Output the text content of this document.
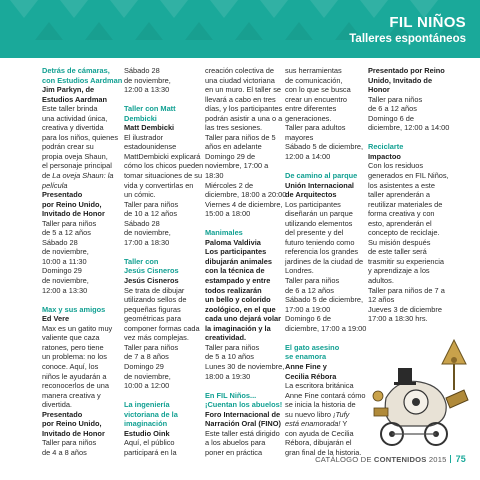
FIL NIÑOS
Talleres espontáneos

Detrás de cámaras,

con Estudios Aardman

Jim Parkyn, de

Estudios Aardman

Este taller brinda

una actividad única,

creativa y divertida

para los niños, quienes

podrán crear su

propia oveja Shaun,

el personaje principal

de La oveja Shaun: la

película

Presentado

por Reino Unido,

Invitado de Honor

Taller para niños

de 5 a 12 años

Sábado 28

de noviembre,

10:00 a 11:30

Domingo 29

de noviembre,

12:00 a 13:30

Max y sus amigos

Ed Vere

Max es un gatito muy

valiente que caza

ratones, pero tiene

un problema: no los

conoce. Aquí, los

niños le ayudarán a

reconocerlos de una

manera creativa y

divertida.

Presentado

por Reino Unido,

Invitado de Honor

Taller para niños

de 4 a 8 años

Sábado 28

de noviembre,

12:00 a 13:30

Taller con Matt

Dembicki

Matt Dembicki

El ilustrador

estadounidense

MattDembicki explicará

cómo los chicos pueden

tomar situaciones de su

vida y convertirlas en

un cómic.

Taller para niños

de 10 a 12 años

Sábado 28

de noviembre,

17:00 a 18:30

Taller con

Jesús Cisneros

Jesús Cisneros

Se trata de dibujar

utilizando sellos de

pequeñas figuras

geométricas para

componer formas cada

vez más complejas.

Taller para niños

de 7 a 8 años

Domingo 29

de noviembre,

10:00 a 12:00

La ingeniería

victoriana de la

imaginación

Estudio Oink

Aquí, el público

participará en la

creación colectiva de

una ciudad victoriana

en un muro. El taller se

llevará a cabo en tres

días, y los participantes

podrán asistir a una o a

las tres sesiones.

Taller para niños de 5

años en adelante

Domingo 29 de

noviembre, 17:00 a

18:30

Miércoles 2 de

diciembre, 18:00 a 20:00

Viernes 4 de diciembre,

15:00 a 18:00

Manimales

Paloma Valdivia

Los participantes

dibujarán animales

con la técnica de

estampado y entre

todos realizarán

un bello y colorido

zoológico, en el que

cada uno dejará volar

la imaginación y la

creatividad.

Taller para niños

de 5 a 10 años

Lunes 30 de noviembre,

18:00 a 19:30

En FIL Niños...

¡Cuentan los abuelos!

Foro Internacional de

Narración Oral (FINO)

Este taller está dirigido

a los abuelos para

poner en práctica

sus herramientas

de comunicación,

con lo que se busca

crear un encuentro

entre diferentes

generaciones.

Taller para adultos

mayores

Sábado 5 de diciembre,

12:00 a 14:00

De camino al parque

Unión Internacional

de Arquitectos

Los participantes

diseñarán un parque

utilizando elementos

del presente y del

futuro teniendo como

referencia los grandes

jardines de la ciudad de

Londres.

Taller para niños

de 6 a 12 años

Sábado 5 de diciembre,

17:00 a 19:00

Domingo 6 de

diciembre, 17:00 a 19:00

El gato asesino

se enamora

Anne Fine y

Cecilia Rébora

La escritora británica

Anne Fine contará cómo

se inicia la historia de

su nuevo libro ¡Tufy

está enamorada! Y

con ayuda de Cecilia

Rébora, dibujarán el

gran final de la historia.

Presentado por Reino

Unido, Invitado de

Honor

Taller para niños

de 6 a 12 años

Domingo 6 de

diciembre, 12:00 a 14:00

Reciclarte

Impactoo

Con los residuos

generados en FIL Niños,

los asistentes a este

taller aprenderán a

reutilizar materiales de

forma creativa y con

esto, aprenderán el

concepto de reciclaje.

Su misión después

de este taller será

trasmitir su experiencia

y aprendizaje a los

adultos.

Taller para niños de 7 a

12 años

Jueves 3 de diciembre

17:00 a 18:30 hrs.

CATÁLOGO DE CONTENIDOS 2015 75
